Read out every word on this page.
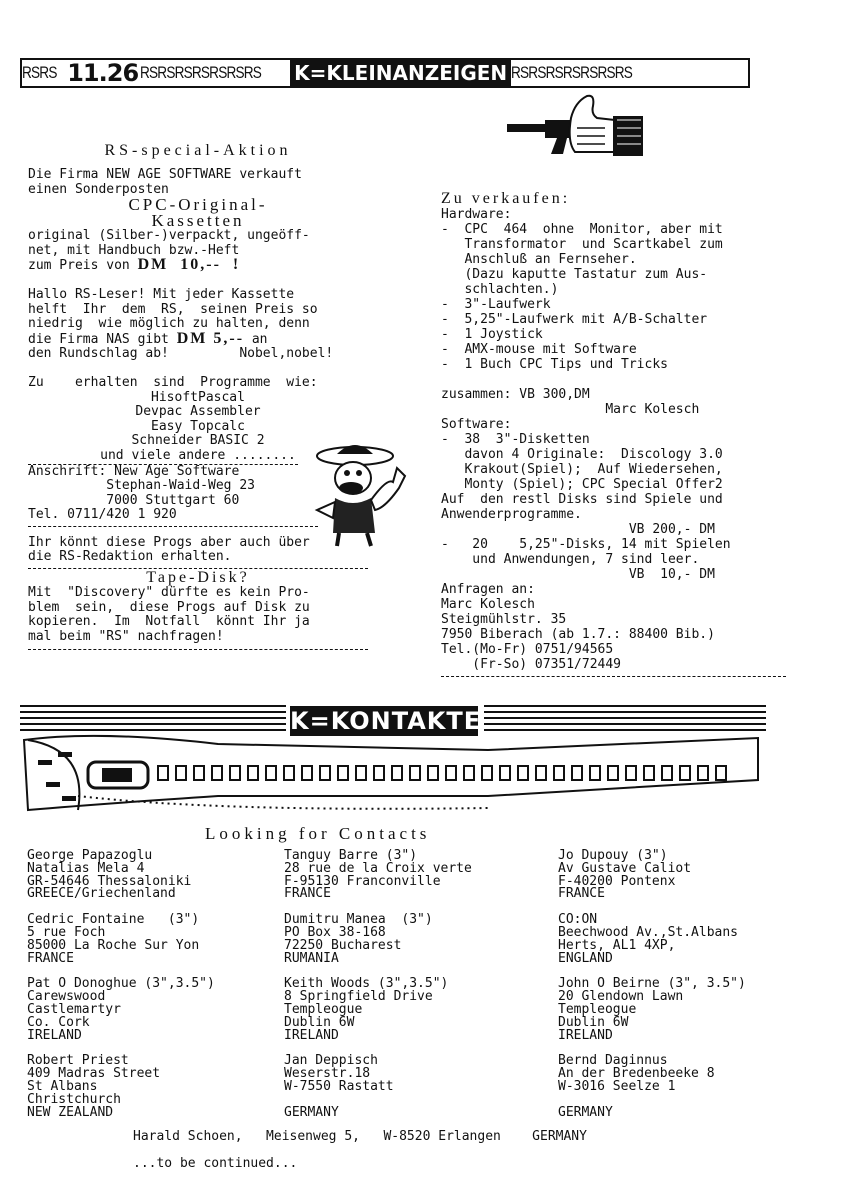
RSRS 11.26 RSRSRSRSRSRSRS K=KLEINANZEIGEN RSRSRSRSRSRSRS
RS-special-Aktion
Die Firma NEW AGE SOFTWARE verkauft
einen Sonderposten
CPC-Original-
Kassetten
original (Silber-)verpackt, ungeöff-
net, mit Handbuch bzw.-Heft
zum Preis von DM  10,--  !
Hallo RS-Leser! Mit jeder Kassette
helft  Ihr  dem  RS,  seinen Preis so
niedrig  wie möglich zu halten, denn
die Firma NAS gibt DM 5,-- an
den Rundschlag ab!         Nobel,nobel!
Zu    erhalten  sind  Programme  wie:
HisoftPascal
Devpac Assembler
Easy Topcalc
Schneider BASIC 2
und viele andere ........
Anschrift: New Age Software
Stephan-Waid-Weg 23
7000 Stuttgart 60
Tel. 0711/420 1 920
Ihr könnt diese Progs aber auch über
die RS-Redaktion erhalten.
Tape-Disk?
Mit  "Discovery" dürfte es kein Pro-
blem  sein,  diese Progs auf Disk zu
kopieren.  Im  Notfall  könnt Ihr ja
mal beim "RS" nachfragen!
Zu verkaufen:
Hardware:
-  CPC  464  ohne  Monitor, aber mit
Transformator  und Scartkabel zum
Anschluß an Fernseher.
(Dazu kaputte Tastatur zum Aus-
schlachten.)
-  3"-Laufwerk
-  5,25"-Laufwerk mit A/B-Schalter
-  1 Joystick
-  AMX-mouse mit Software
-  1 Buch CPC Tips und Tricks
zusammen: VB 300,DM
Marc Kolesch
Software:
-  38  3"-Disketten
davon 4 Originale:  Discology 3.0
Krakout(Spiel);  Auf Wiedersehen,
Monty (Spiel); CPC Special Offer2
Auf  den restl Disks sind Spiele und
Anwenderprogramme.
VB 200,- DM
-   20    5,25"-Disks, 14 mit Spielen
und Anwendungen, 7 sind leer.
VB  10,- DM
Anfragen an:
Marc Kolesch
Steigmühlstr. 35
7950 Biberach (ab 1.7.: 88400 Bib.)
Tel.(Mo-Fr) 0751/94565
(Fr-So) 07351/72449
K=KONTAKTE
Looking for Contacts
George Papazoglu
Natalias Mela 4
GR-54646 Thessaloniki
GREECE/Griechenland
Cedric Fontaine   (3")
5 rue Foch
85000 La Roche Sur Yon
FRANCE
Pat O Donoghue (3",3.5")
Carewswood
Castlemartyr
Co. Cork
IRELAND
Robert Priest
409 Madras Street
St Albans
Christchurch
NEW ZEALAND
Tanguy Barre (3")
28 rue de la Croix verte
F-95130 Franconville
FRANCE
Dumitru Manea  (3")
PO Box 38-168
72250 Bucharest
RUMANIA
Keith Woods (3",3.5")
8 Springfield Drive
Templeogue
Dublin 6W
IRELAND
Jan Deppisch
Weserstr.18
W-7550 Rastatt
GERMANY
Jo Dupouy (3")
Av Gustave Caliot
F-40200 Pontenx
FRANCE
CO:ON
Beechwood Av.,St.Albans
Herts, AL1 4XP,
ENGLAND
John O Beirne (3", 3.5")
20 Glendown Lawn
Templeogue
Dublin 6W
IRELAND
Bernd Daginnus
An der Bredenbeeke 8
W-3016 Seelze 1
GERMANY
Harald Schoen,   Meisenweg 5,   W-8520 Erlangen    GERMANY
...to be continued...
